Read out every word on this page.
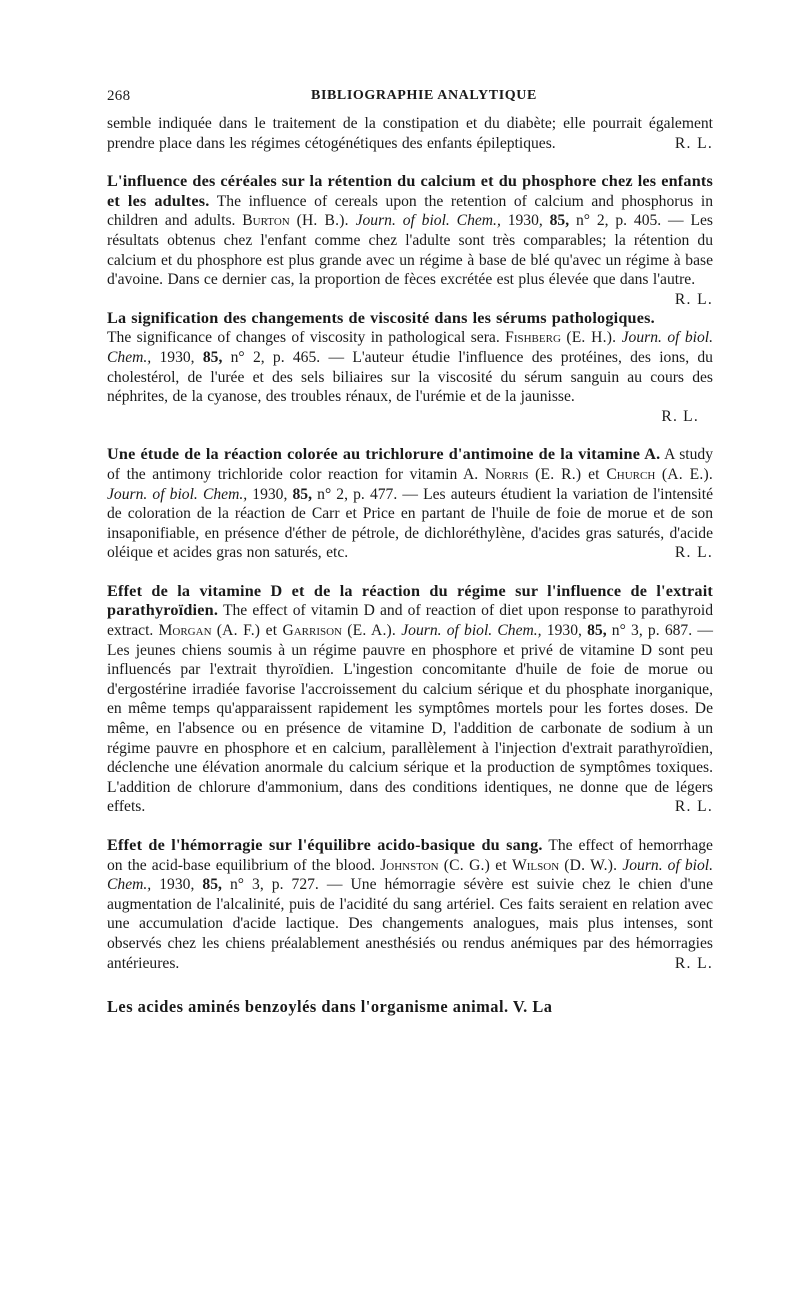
268	BIBLIOGRAPHIE ANALYTIQUE

semble indiquée dans le traitement de la constipation et du diabète; elle pourrait également prendre place dans les régimes cétogénétiques des enfants épileptiques.	R. L.

L'influence des céréales sur la rétention du calcium et du phosphore chez les enfants et les adultes. The influence of cereals upon the retention of calcium and phosphorus in children and adults. Burton (H. B.). Journ. of biol. Chem., 1930, 85, n° 2, p. 405. — Les résultats obtenus chez l'enfant comme chez l'adulte sont très comparables; la rétention du calcium et du phosphore est plus grande avec un régime à base de blé qu'avec un régime à base d'avoine. Dans ce dernier cas, la proportion de fèces excrétée est plus élevée que dans l'autre.
R. L.

La signification des changements de viscosité dans les sérums pathologiques. The significance of changes of viscosity in pathological sera. Fishberg (E. H.). Journ. of biol. Chem., 1930, 85, n° 2, p. 465. — L'auteur étudie l'influence des protéines, des ions, du cholestérol, de l'urée et des sels biliaires sur la viscosité du sérum sanguin au cours des néphrites, de la cyanose, des troubles rénaux, de l'urémie et de la jaunisse.

R. L.

Une étude de la réaction colorée au trichlorure d'antimoine de la vitamine A. A study of the antimony trichloride color reaction for vitamin A. Norris (E. R.) et Church (A. E.). Journ. of biol. Chem., 1930, 85, n° 2, p. 477. — Les auteurs étudient la variation de l'intensité de coloration de la réaction de Carr et Price en partant de l'huile de foie de morue et de son insaponifiable, en présence d'éther de pétrole, de dichloréthylène, d'acides gras saturés, d'acide oléique et acides gras non saturés, etc.	R. L.

Effet de la vitamine D et de la réaction du régime sur l'influence de l'extrait parathyroïdien. The effect of vitamin D and of reaction of diet upon response to parathyroid extract. Morgan (A. F.) et Garrison (E. A.). Journ. of biol. Chem., 1930, 85, n° 3, p. 687. — Les jeunes chiens soumis à un régime pauvre en phosphore et privé de vitamine D sont peu influencés par l'extrait thyroïdien. L'ingestion concomitante d'huile de foie de morue ou d'ergostérine irradiée favorise l'accroissement du calcium sérique et du phosphate inorganique, en même temps qu'apparaissent rapidement les symptômes mortels pour les fortes doses. De même, en l'absence ou en présence de vitamine D, l'addition de carbonate de sodium à un régime pauvre en phosphore et en calcium, parallèlement à l'injection d'extrait parathyroïdien, déclenche une élévation anormale du calcium sérique et la production de symptômes toxiques. L'addition de chlorure d'ammonium, dans des conditions identiques, ne donne que de légers effets.	R. L.

Effet de l'hémorragie sur l'équilibre acido-basique du sang. The effect of hemorrhage on the acid-base equilibrium of the blood. Johnston (C. G.) et Wilson (D. W.). Journ. of biol. Chem., 1930, 85, n° 3, p. 727. — Une hémorragie sévère est suivie chez le chien d'une augmentation de l'alcalinité, puis de l'acidité du sang artériel. Ces faits seraient en relation avec une accumulation d'acide lactique. Des changements analogues, mais plus intenses, sont observés chez les chiens préalablement anesthésiés ou rendus anémiques par des hémorragies antérieures.	R. L.

Les acides aminés benzoylés dans l'organisme animal. V. La
